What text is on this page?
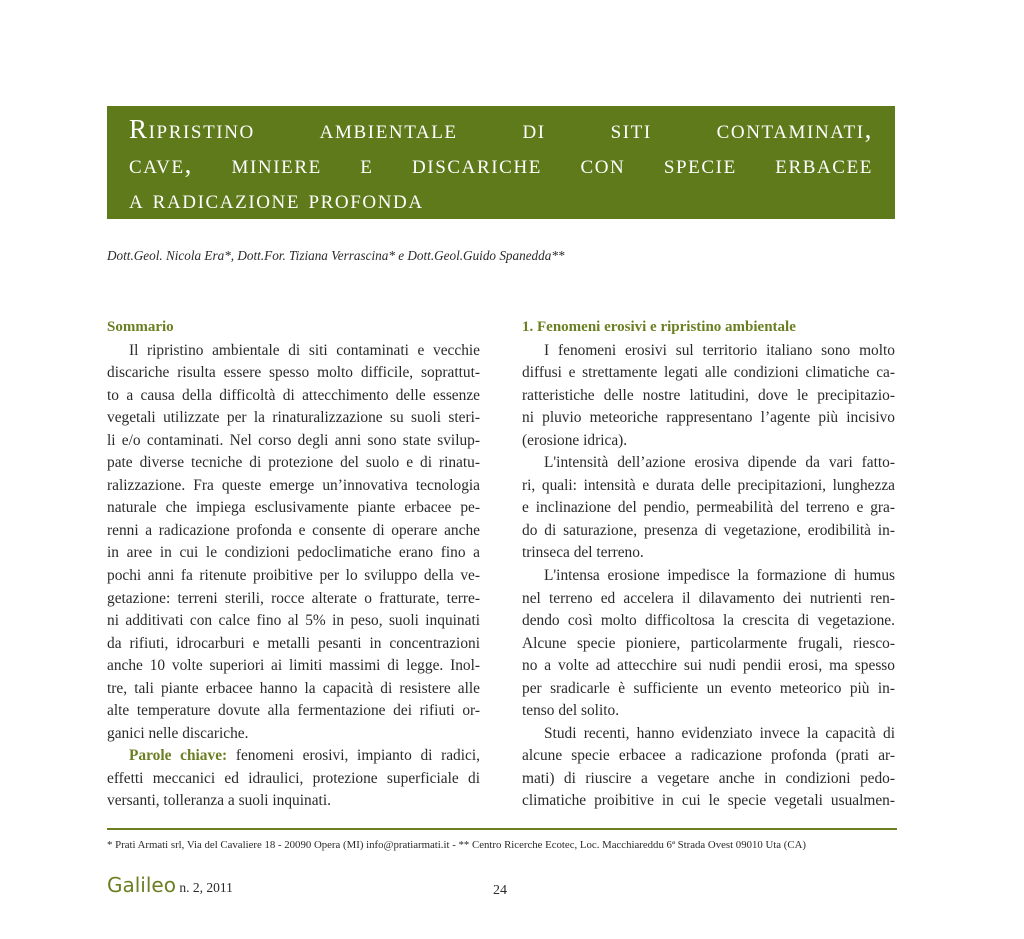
Ripristino ambientale di siti contaminati,
cave, miniere e discariche con specie erbacee
a radicazione profonda
Dott.Geol. Nicola Era*, Dott.For. Tiziana Verrascina* e Dott.Geol.Guido Spanedda**
Sommario
Il ripristino ambientale di siti contaminati e vecchie
discariche risulta essere spesso molto difficile, soprattut-
to a causa della difficoltà di attecchimento delle essenze
vegetali utilizzate per la rinaturalizzazione su suoli steri-
li e/o contaminati. Nel corso degli anni sono state svilup-
pate diverse tecniche di protezione del suolo e di rinatu-
ralizzazione. Fra queste emerge un’innovativa tecnologia
naturale che impiega esclusivamente piante erbacee pe-
renni a radicazione profonda e consente di operare anche
in aree in cui le condizioni pedoclimatiche erano fino a
pochi anni fa ritenute proibitive per lo sviluppo della ve-
getazione: terreni sterili, rocce alterate o fratturate, terre-
ni additivati con calce fino al 5% in peso, suoli inquinati
da rifiuti, idrocarburi e metalli pesanti in concentrazioni
anche 10 volte superiori ai limiti massimi di legge. Inol-
tre, tali piante erbacee hanno la capacità di resistere alle
alte temperature dovute alla fermentazione dei rifiuti or-
ganici nelle discariche.
Parole chiave: fenomeni erosivi, impianto di radici,
effetti meccanici ed idraulici, protezione superficiale di
versanti, tolleranza a suoli inquinati.
1. Fenomeni erosivi e ripristino ambientale
I fenomeni erosivi sul territorio italiano sono molto
diffusi e strettamente legati alle condizioni climatiche ca-
ratteristiche delle nostre latitudini, dove le precipitazio-
ni pluvio meteoriche rappresentano l’agente più incisivo
(erosione idrica).
L'intensità dell’azione erosiva dipende da vari fatto-
ri, quali: intensità e durata delle precipitazioni, lunghezza
e inclinazione del pendio, permeabilità del terreno e gra-
do di saturazione, presenza di vegetazione, erodibilità in-
trinseca del terreno.
L'intensa erosione impedisce la formazione di humus
nel terreno ed accelera il dilavamento dei nutrienti ren-
dendo così molto difficoltosa la crescita di vegetazione.
Alcune specie pioniere, particolarmente frugali, riesco-
no a volte ad attecchire sui nudi pendii erosi, ma spesso
per sradicarle è sufficiente un evento meteorico più in-
tenso del solito.
Studi recenti, hanno evidenziato invece la capacità di
alcune specie erbacee a radicazione profonda (prati ar-
mati) di riuscire a vegetare anche in condizioni pedo-
climatiche proibitive in cui le specie vegetali usualmen-
* Prati Armati srl, Via del Cavaliere 18 - 20090 Opera (MI) info@pratiarmati.it - ** Centro Ricerche Ecotec, Loc. Macchiareddu 6ª Strada Ovest 09010 Uta (CA)
Galileo n. 2, 2011	24
